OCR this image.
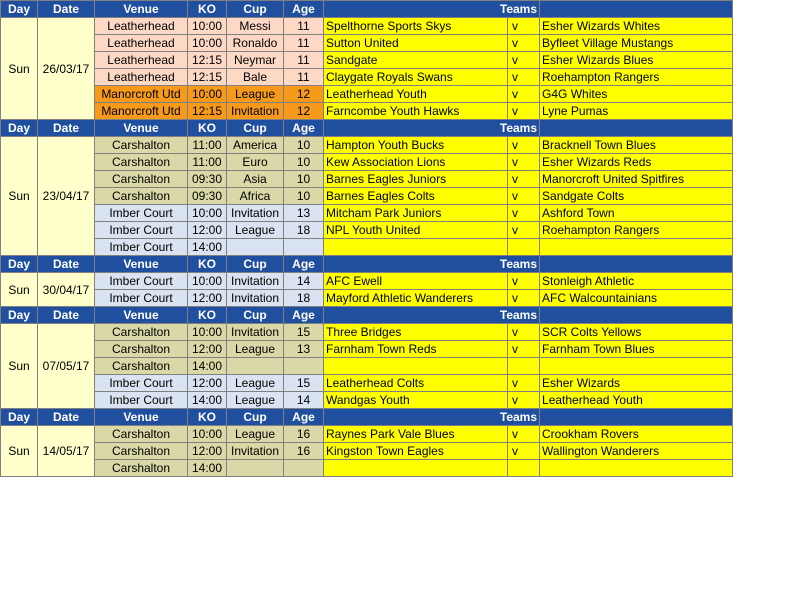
Day	Date	Venue	KO	Cup	Age	Teams		
Sun	26/03/17	Leatherhead	10:00	Messi	11	Spelthorne Sports Skys	v	Esher Wizards Whites
		Leatherhead	10:00	Ronaldo	11	Sutton United	v	Byfleet Village Mustangs
		Leatherhead	12:15	Neymar	11	Sandgate	v	Esher Wizards Blues
		Leatherhead	12:15	Bale	11	Claygate Royals Swans	v	Roehampton Rangers
		Manorcroft Utd	10:00	League	12	Leatherhead Youth	v	G4G Whites
		Manorcroft Utd	12:15	Invitation	12	Farncombe Youth Hawks	v	Lyne Pumas
Day	Date	Venue	KO	Cup	Age	Teams		
Sun	23/04/17	Carshalton	11:00	America	10	Hampton Youth Bucks	v	Bracknell Town Blues
		Carshalton	11:00	Euro	10	Kew Association Lions	v	Esher Wizards Reds
		Carshalton	09:30	Asia	10	Barnes Eagles Juniors	v	Manorcroft United Spitfires
		Carshalton	09:30	Africa	10	Barnes Eagles Colts	v	Sandgate Colts
		Imber Court	10:00	Invitation	13	Mitcham Park Juniors	v	Ashford Town
		Imber Court	12:00	League	18	NPL Youth United	v	Roehampton Rangers
		Imber Court	14:00					
Day	Date	Venue	KO	Cup	Age	Teams		
Sun	30/04/17	Imber Court	10:00	Invitation	14	AFC Ewell	v	Stonleigh Athletic
		Imber Court	12:00	Invitation	18	Mayford Athletic Wanderers	v	AFC Walcountainians
Day	Date	Venue	KO	Cup	Age	Teams		
Sun	07/05/17	Carshalton	10:00	Invitation	15	Three Bridges	v	SCR Colts Yellows
		Carshalton	12:00	League	13	Farnham Town Reds	v	Farnham Town Blues
		Carshalton	14:00					
		Imber Court	12:00	League	15	Leatherhead Colts	v	Esher Wizards
		Imber Court	14:00	League	14	Wandgas Youth	v	Leatherhead Youth
Day	Date	Venue	KO	Cup	Age	Teams		
Sun	14/05/17	Carshalton	10:00	League	16	Raynes Park Vale Blues	v	Crookham Rovers
		Carshalton	12:00	Invitation	16	Kingston Town Eagles	v	Wallington Wanderers
		Carshalton	14:00					
